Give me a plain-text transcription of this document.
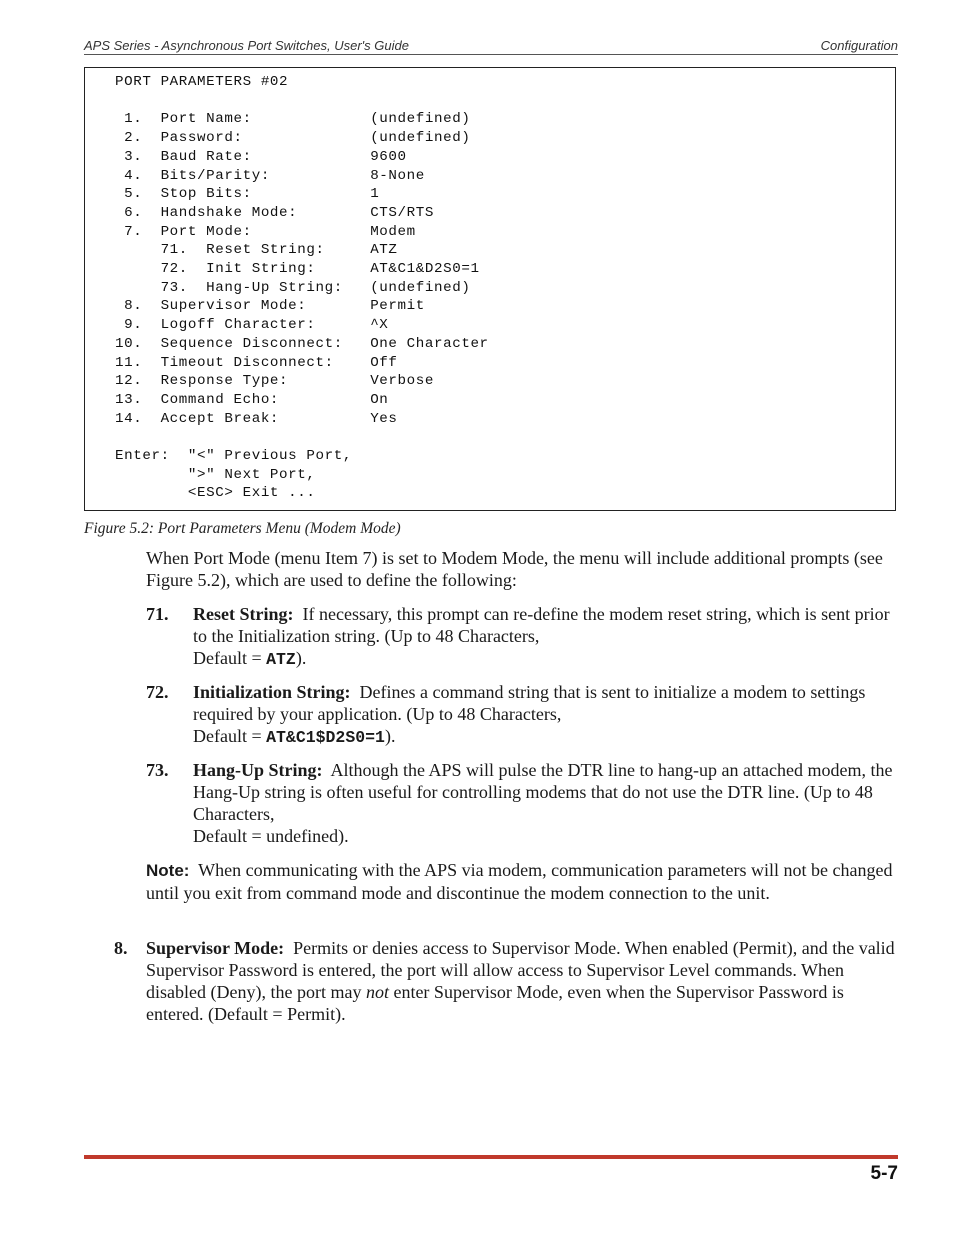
APS Series - Asynchronous Port Switches, User's Guide	Configuration
PORT PARAMETERS #02

1.  Port Name:             (undefined)
2.  Password:              (undefined)
3.  Baud Rate:             9600
4.  Bits/Parity:           8-None
5.  Stop Bits:             1
6.  Handshake Mode:        CTS/RTS
7.  Port Mode:             Modem
71.  Reset String:     ATZ
72.  Init String:      AT&C1&D2S0=1
73.  Hang-Up String:   (undefined)
8.  Supervisor Mode:       Permit
9.  Logoff Character:      ^X
10.  Sequence Disconnect:   One Character
11.  Timeout Disconnect:    Off
12.  Response Type:         Verbose
13.  Command Echo:          On
14.  Accept Break:          Yes

Enter:  "<" Previous Port,
">" Next Port,
<ESC> Exit ...
Figure 5.2: Port Parameters Menu (Modem Mode)
When Port Mode (menu Item 7) is set to Modem Mode, the menu will include additional prompts (see Figure 5.2), which are used to define the following:
71. Reset String: If necessary, this prompt can re-define the modem reset string, which is sent prior to the Initialization string. (Up to 48 Characters,
Default = ATZ).
72. Initialization String: Defines a command string that is sent to initialize a modem to settings required by your application. (Up to 48 Characters,
Default = AT&C1$D2S0=1).
73. Hang-Up String: Although the APS will pulse the DTR line to hang-up an attached modem, the Hang-Up string is often useful for controlling modems that do not use the DTR line. (Up to 48 Characters,
Default = undefined).
Note: When communicating with the APS via modem, communication parameters will not be changed until you exit from command mode and discontinue the modem connection to the unit.
8. Supervisor Mode: Permits or denies access to Supervisor Mode. When enabled (Permit), and the valid Supervisor Password is entered, the port will allow access to Supervisor Level commands. When disabled (Deny), the port may not enter Supervisor Mode, even when the Supervisor Password is entered. (Default = Permit).
5-7
